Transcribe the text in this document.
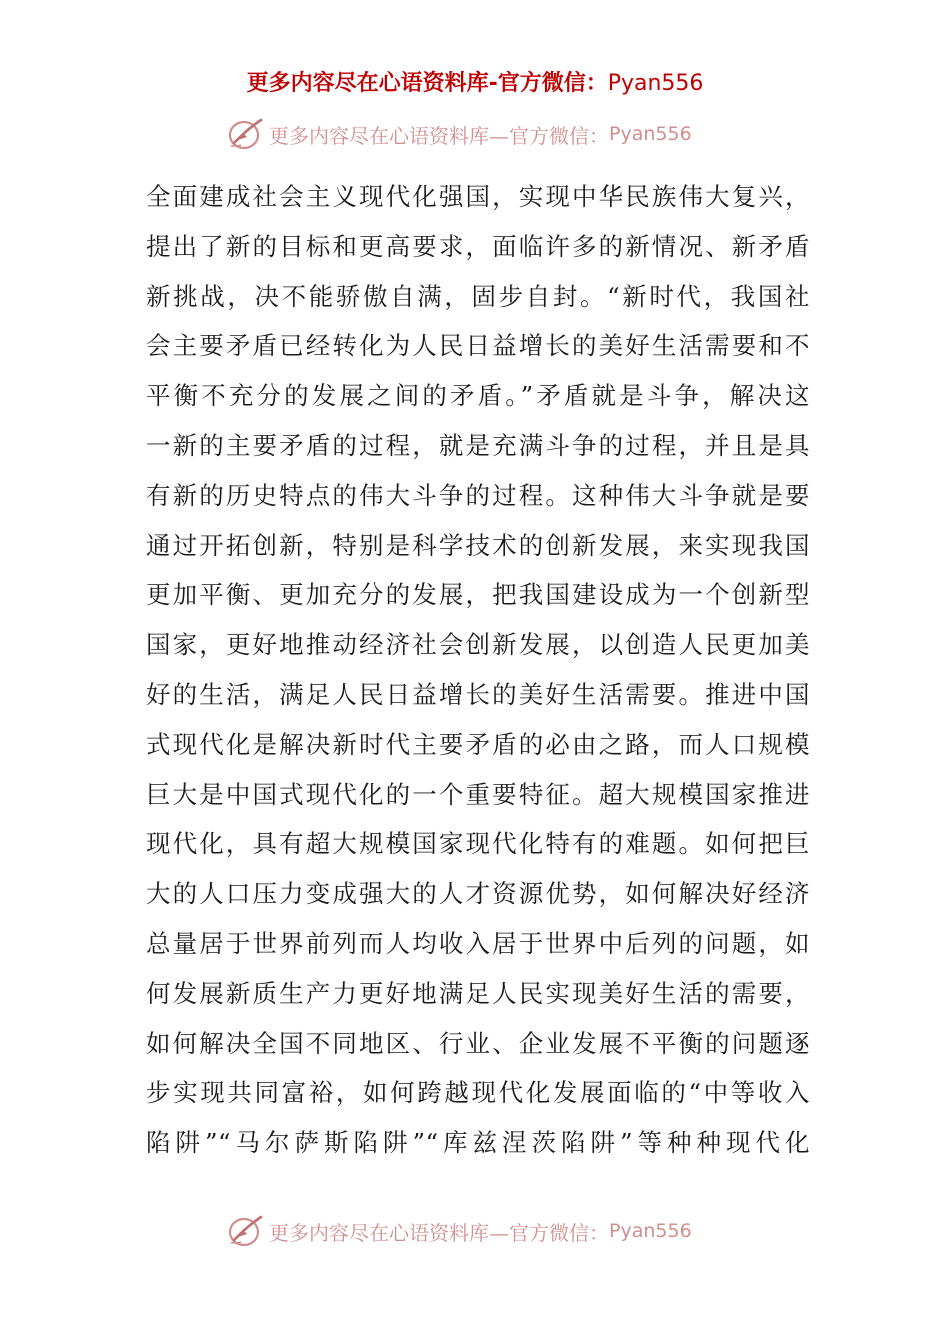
更多内容尽在心语资料库-官方微信：Pyan556
更多内容尽在心语资料库—官方微信： Pyan556
全面建成社会主义现代化强国，实现中华民族伟大复兴，
提出了新的目标和更高要求，面临许多的新情况、新矛盾
新挑战，决不能骄傲自满，固步自封。“新时代，我国社
会主要矛盾已经转化为人民日益增长的美好生活需要和不
平衡不充分的发展之间的矛盾。”矛盾就是斗争，解决这
一新的主要矛盾的过程，就是充满斗争的过程，并且是具
有新的历史特点的伟大斗争的过程。这种伟大斗争就是要
通过开拓创新，特别是科学技术的创新发展，来实现我国
更加平衡、更加充分的发展，把我国建设成为一个创新型
国家，更好地推动经济社会创新发展，以创造人民更加美
好的生活，满足人民日益增长的美好生活需要。推进中国
式现代化是解决新时代主要矛盾的必由之路，而人口规模
巨大是中国式现代化的一个重要特征。超大规模国家推进
现代化，具有超大规模国家现代化特有的难题。如何把巨
大的人口压力变成强大的人才资源优势，如何解决好经济
总量居于世界前列而人均收入居于世界中后列的问题，如
何发展新质生产力更好地满足人民实现美好生活的需要，
如何解决全国不同地区、行业、企业发展不平衡的问题逐
步实现共同富裕，如何跨越现代化发展面临的“中等收入
陷阱”“马尔萨斯陷阱”“库兹涅茨陷阱”等种种现代化
更多内容尽在心语资料库—官方微信： Pyan556
